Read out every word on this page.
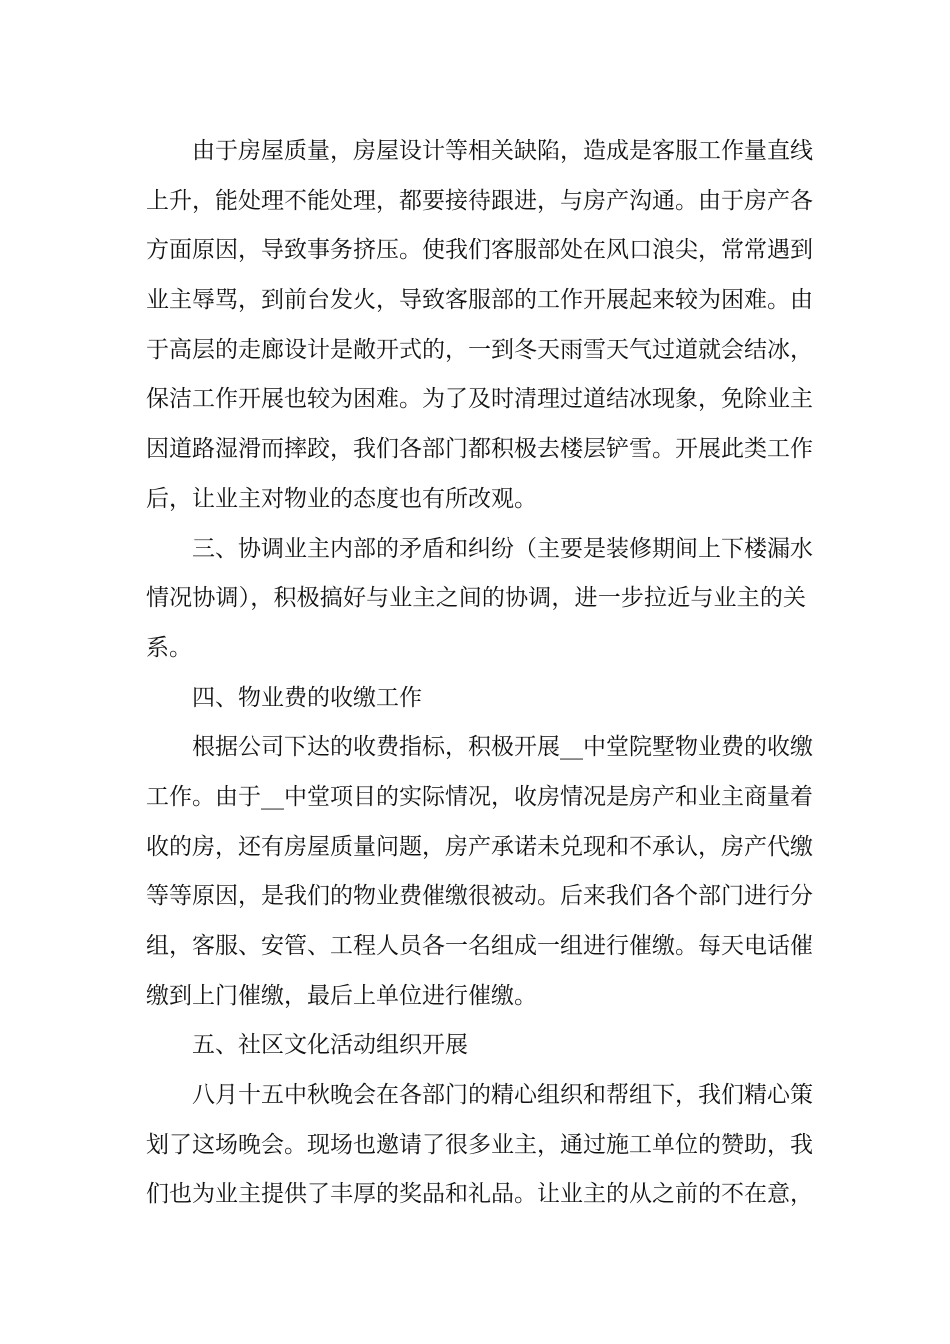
由于房屋质量，房屋设计等相关缺陷，造成是客服工作量直线
上升，能处理不能处理，都要接待跟进，与房产沟通。由于房产各
方面原因，导致事务挤压。使我们客服部处在风口浪尖，常常遇到
业主辱骂，到前台发火，导致客服部的工作开展起来较为困难。由
于高层的走廊设计是敞开式的，一到冬天雨雪天气过道就会结冰，
保洁工作开展也较为困难。为了及时清理过道结冰现象，免除业主
因道路湿滑而摔跤，我们各部门都积极去楼层铲雪。开展此类工作
后，让业主对物业的态度也有所改观。
三、协调业主内部的矛盾和纠纷（主要是装修期间上下楼漏水
情况协调），积极搞好与业主之间的协调，进一步拉近与业主的关
系。
四、物业费的收缴工作
根据公司下达的收费指标，积极开展__中堂院墅物业费的收缴
工作。由于__中堂项目的实际情况，收房情况是房产和业主商量着
收的房，还有房屋质量问题，房产承诺未兑现和不承认，房产代缴
等等原因，是我们的物业费催缴很被动。后来我们各个部门进行分
组，客服、安管、工程人员各一名组成一组进行催缴。每天电话催
缴到上门催缴，最后上单位进行催缴。
五、社区文化活动组织开展
八月十五中秋晚会在各部门的精心组织和帮组下，我们精心策
划了这场晚会。现场也邀请了很多业主，通过施工单位的赞助，我
们也为业主提供了丰厚的奖品和礼品。让业主的从之前的不在意，
